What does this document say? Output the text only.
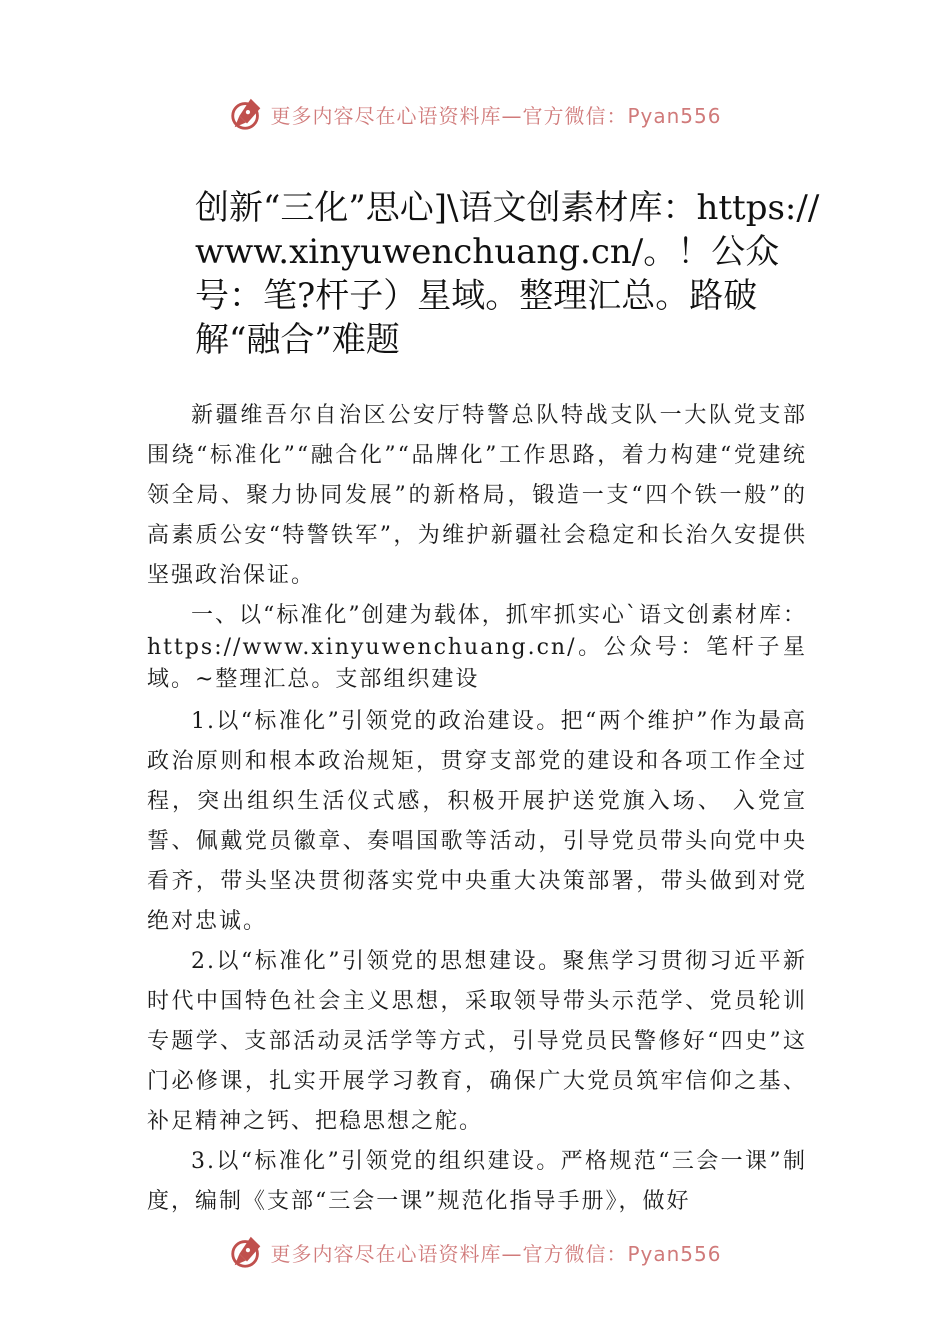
更多内容尽在心语资料库—官方微信：Pyan556
创新“三化”思心]\语文创素材库：https://www.xinyuwenchuang.cn/。！公众号：笔?杆子）星域。整理汇总。路破解“融合”难题

新疆维吾尔自治区公安厅特警总队特战支队一大队党支部围绕“标准化”“融合化”“品牌化”工作思路，着力构建“党建统领全局、聚力协同发展”的新格局，锻造一支“四个铁一般”的高素质公安“特警铁军”，为维护新疆社会稳定和长治久安提供坚强政治保证。

一、以“标准化”创建为载体，抓牢抓实心`语文创素材库：https://www.xinyuwenchuang.cn/。公众号：笔杆子星域。~整理汇总。支部组织建设

1.以“标准化”引领党的政治建设。把“两个维护”作为最高政治原则和根本政治规矩，贯穿支部党的建设和各项工作全过程，突出组织生活仪式感，积极开展护送党旗入场、 入党宣誓、佩戴党员徽章、奏唱国歌等活动，引导党员带头向党中央看齐，带头坚决贯彻落实党中央重大决策部署，带头做到对党绝对忠诚。

2.以“标准化”引领党的思想建设。聚焦学习贯彻习近平新时代中国特色社会主义思想，采取领导带头示范学、党员轮训专题学、支部活动灵活学等方式，引导党员民警修好“四史”这门必修课，扎实开展学习教育，确保广大党员筑牢信仰之基、补足精神之钙、把稳思想之舵。

3.以“标准化”引领党的组织建设。严格规范“三会一课”制度，编制《支部“三会一课”规范化指导手册》，做好

更多内容尽在心语资料库—官方微信：Pyan556
